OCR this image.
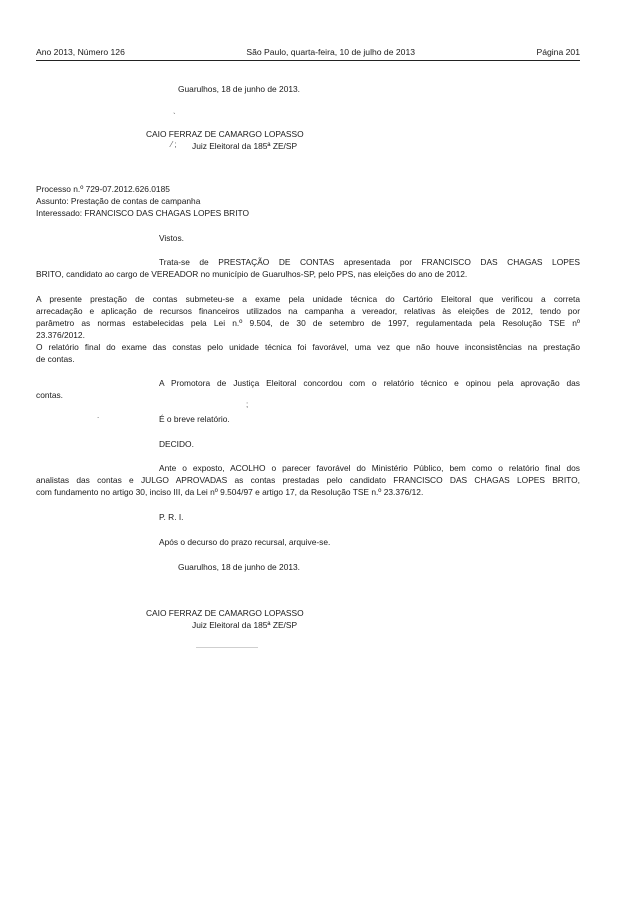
Ano 2013, Número 126	São Paulo, quarta-feira, 10 de julho de 2013	Página 201
Guarulhos, 18 de junho de 2013.
`
CAIO FERRAZ DE CAMARGO LOPASSO
⁄ ; Juiz Eleitoral da 185ª ZE/SP
Processo n.º 729-07.2012.626.0185
Assunto: Prestação de contas de campanha
Interessado: FRANCISCO DAS CHAGAS LOPES BRITO
Vistos.
Trata-se de PRESTAÇÃO DE CONTAS apresentada por FRANCISCO DAS CHAGAS LOPES
BRITO, candidato ao cargo de VEREADOR no município de Guarulhos-SP, pelo PPS, nas eleições do ano de 2012.
A presente prestação de contas submeteu-se a exame pela unidade técnica do Cartório Eleitoral que verificou a correta
arrecadação e aplicação de recursos financeiros utilizados na campanha a vereador, relativas às eleições de 2012, tendo por
parâmetro as normas estabelecidas pela Lei n.º 9.504, de 30 de setembro de 1997, regulamentada pela Resolução TSE nº
23.376/2012.
O relatório final do exame das constas pelo unidade técnica foi favorável, uma vez que não houve inconsistências na prestação
de contas.
A Promotora de Justiça Eleitoral concordou com o relatório técnico e opinou pela aprovação das
contas.
;
.	É o breve relatório.
DECIDO.
Ante o exposto, ACOLHO o parecer favorável do Ministério Público, bem como o relatório final dos
analistas das contas e JULGO APROVADAS as contas prestadas pelo candidato FRANCISCO DAS CHAGAS LOPES BRITO,
com fundamento no artigo 30, inciso III, da Lei nº 9.504/97 e artigo 17, da Resolução TSE n.º 23.376/12.
P. R. I.
Após o decurso do prazo recursal, arquive-se.
Guarulhos, 18 de junho de 2013.
CAIO FERRAZ DE CAMARGO LOPASSO
Juiz Eleitoral da 185ª ZE/SP
